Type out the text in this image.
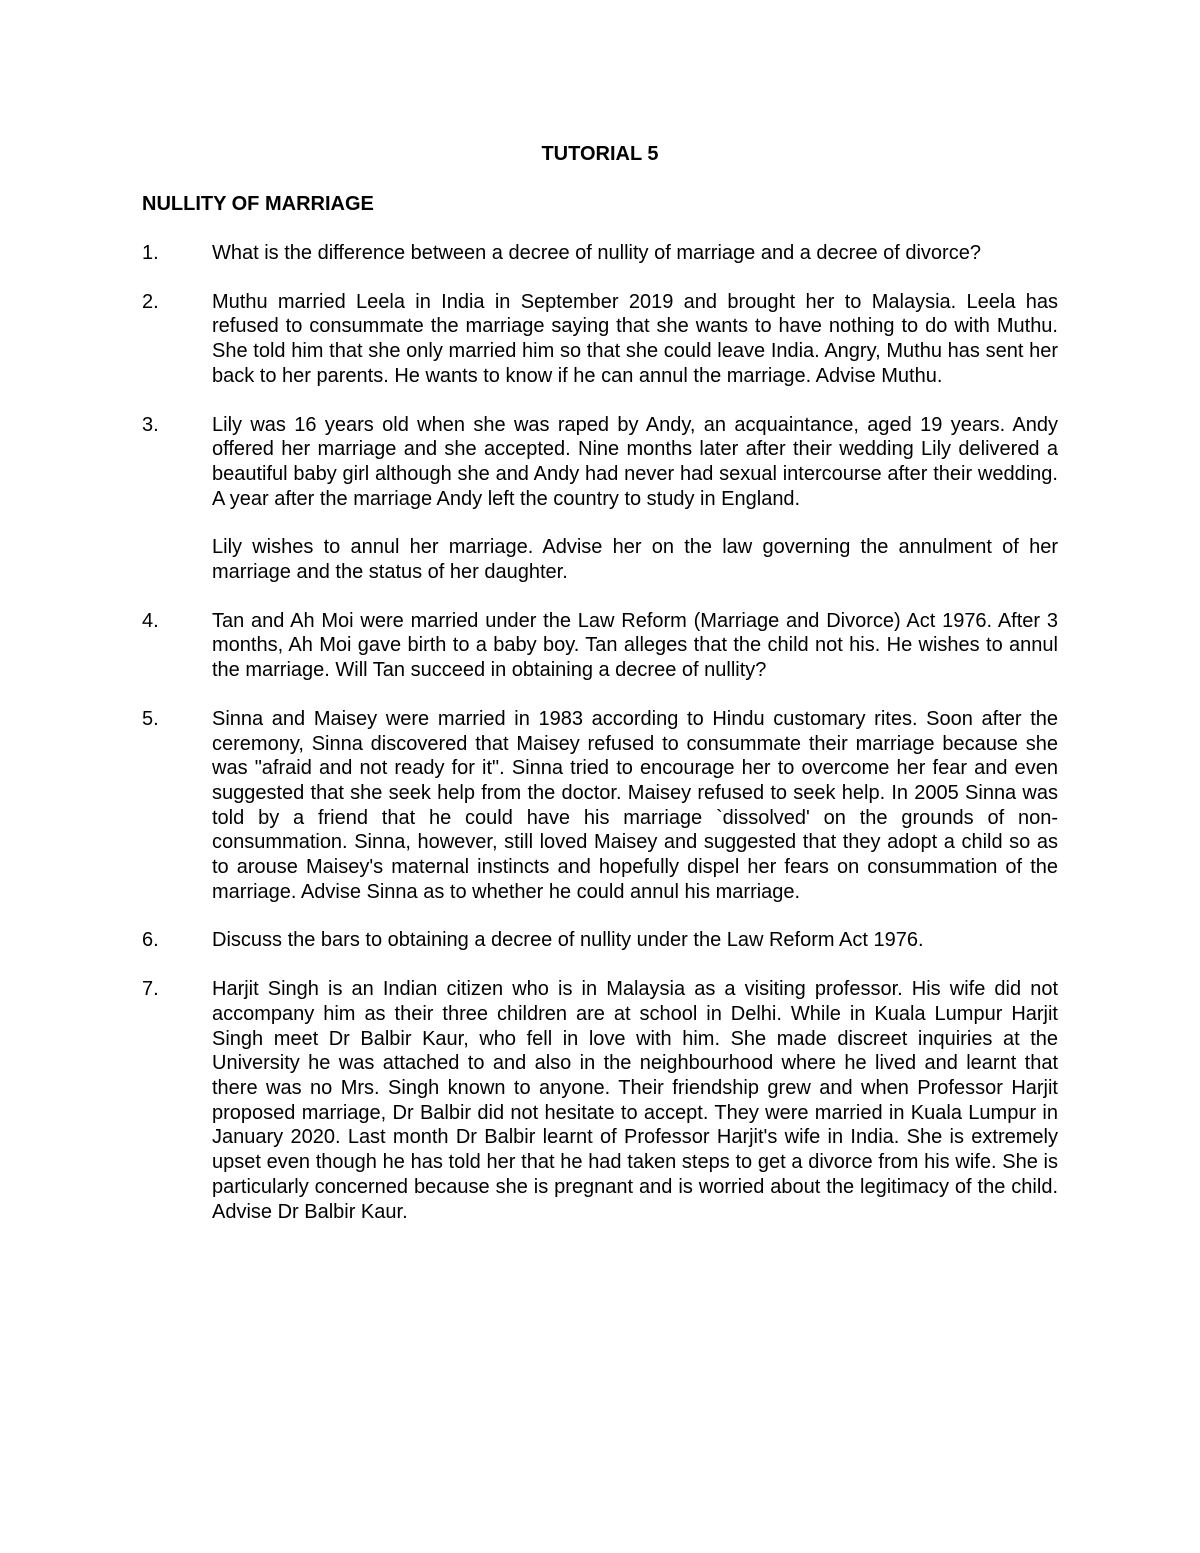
TUTORIAL 5
NULLITY OF MARRIAGE
1.	What is the difference between a decree of nullity of marriage and a decree of divorce?

2.	Muthu married Leela in India in September 2019 and brought her to Malaysia. Leela has refused to consummate the marriage saying that she wants to have nothing to do with Muthu. She told him that she only married him so that she could leave India. Angry, Muthu has sent her back to her parents. He wants to know if he can annul the marriage. Advise Muthu.

3.	Lily was 16 years old when she was raped by Andy, an acquaintance, aged 19 years. Andy offered her marriage and she accepted. Nine months later after their wedding Lily delivered a beautiful baby girl although she and Andy had never had sexual intercourse after their wedding. A year after the marriage Andy left the country to study in England.

Lily wishes to annul her marriage. Advise her on the law governing the annulment of her marriage and the status of her daughter.

4.	Tan and Ah Moi were married under the Law Reform (Marriage and Divorce) Act 1976. After 3 months, Ah Moi gave birth to a baby boy. Tan alleges that the child not his. He wishes to annul the marriage. Will Tan succeed in obtaining a decree of nullity?

5.	Sinna and Maisey were married in 1983 according to Hindu customary rites. Soon after the ceremony, Sinna discovered that Maisey refused to consummate their marriage because she was "afraid and not ready for it". Sinna tried to encourage her to overcome her fear and even suggested that she seek help from the doctor. Maisey refused to seek help. In 2005 Sinna was told by a friend that he could have his marriage `dissolved' on the grounds of non-consummation. Sinna, however, still loved Maisey and suggested that they adopt a child so as to arouse Maisey's maternal instincts and hopefully dispel her fears on consummation of the marriage. Advise Sinna as to whether he could annul his marriage.

6.	Discuss the bars to obtaining a decree of nullity under the Law Reform Act 1976.

7.	Harjit Singh is an Indian citizen who is in Malaysia as a visiting professor. His wife did not accompany him as their three children are at school in Delhi. While in Kuala Lumpur Harjit Singh meet Dr Balbir Kaur, who fell in love with him. She made discreet inquiries at the University he was attached to and also in the neighbourhood where he lived and learnt that there was no Mrs. Singh known to anyone. Their friendship grew and when Professor Harjit proposed marriage, Dr Balbir did not hesitate to accept. They were married in Kuala Lumpur in January 2020. Last month Dr Balbir learnt of Professor Harjit's wife in India. She is extremely upset even though he has told her that he had taken steps to get a divorce from his wife. She is particularly concerned because she is pregnant and is worried about the legitimacy of the child. Advise Dr Balbir Kaur.
